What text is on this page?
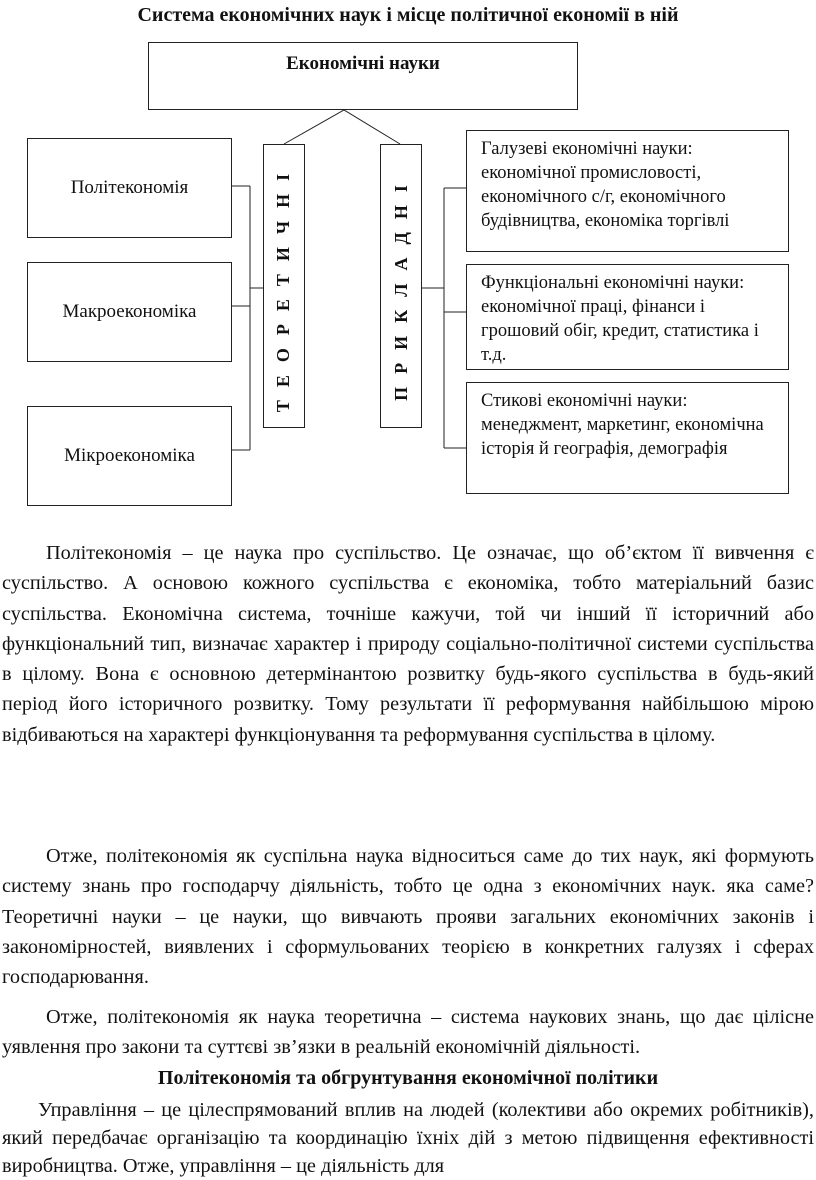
Система економічних наук і місце політичної економії в ній
Економічні науки
Політекономія
Макроекономіка
Мікроекономіка
ТЕОРЕТИЧНІ	ПРИКЛАДНІ
Галузеві економічні науки: економічної промисловості, економічного с/г, економічного будівництва, економіка торгівлі
Функціональні економічні науки: економічної праці, фінанси і грошовий обіг, кредит, статистика і т.д.
Стикові економічні науки: менеджмент, маркетинг, економічна історія й географія, демографія
Політекономія – це наука про суспільство. Це означає, що об’єктом її вивчення є суспільство. А основою кожного суспільства є економіка, тобто матеріальний базис суспільства. Економічна система, точніше кажучи, той чи інший її історичний або функціональний тип, визначає характер і природу соціально-політичної системи суспільства в цілому. Вона є основною детермінантою розвитку будь-якого суспільства в будь-який період його історичного розвитку. Тому результати її реформування найбільшою мірою відбиваються на характері функціонування та реформування суспільства в цілому.
Отже, політекономія як суспільна наука відноситься саме до тих наук, які формують систему знань про господарчу діяльність, тобто це одна з економічних наук. яка саме? Теоретичні науки – це науки, що вивчають прояви загальних економічних законів і закономірностей, виявлених і сформульованих теорією в конкретних галузях і сферах господарювання.
Отже, політекономія як наука теоретична – система наукових знань, що дає цілісне уявлення про закони та суттєві зв’язки в реальній економічній діяльності.
Політекономія та обгрунтування економічної політики
Управління – це цілеспрямований вплив на людей (колективи або окремих робітників), який передбачає організацію та координацію їхніх дій з метою підвищення ефективності виробництва. Отже, управління – це діяльність для
